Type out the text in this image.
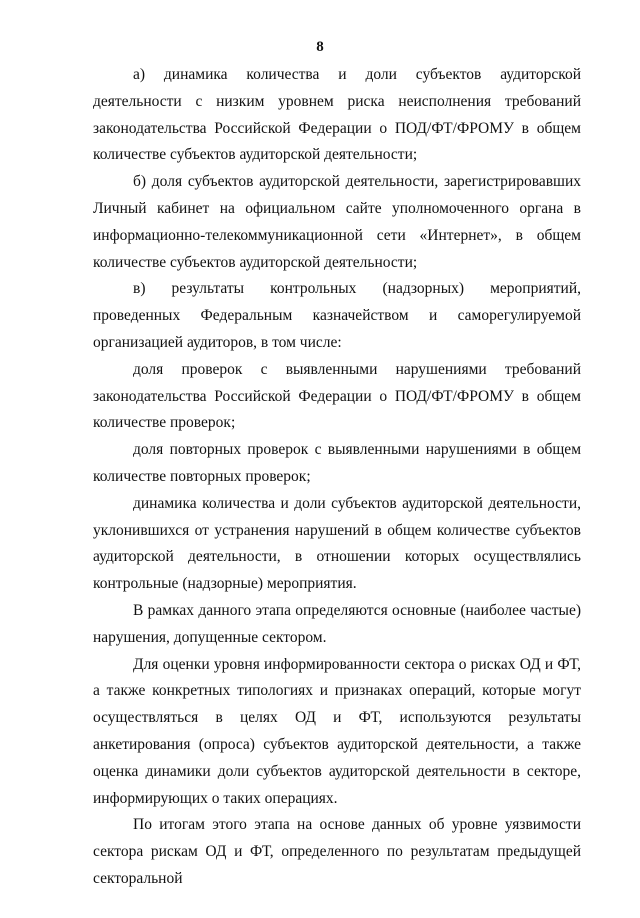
8

а) динамика количества и доли субъектов аудиторской деятельности с низким уровнем риска неисполнения требований законодательства Российской Федерации о ПОД/ФТ/ФРОМУ в общем количестве субъектов аудиторской деятельности;

б) доля субъектов аудиторской деятельности, зарегистрировавших Личный кабинет на официальном сайте уполномоченного органа в информационно-телекоммуникационной сети «Интернет», в общем количестве субъектов аудиторской деятельности;

в) результаты контрольных (надзорных) мероприятий, проведенных Федеральным казначейством и саморегулируемой организацией аудиторов, в том числе:

доля проверок с выявленными нарушениями требований законодательства Российской Федерации о ПОД/ФТ/ФРОМУ в общем количестве проверок;

доля повторных проверок с выявленными нарушениями в общем количестве повторных проверок;

динамика количества и доли субъектов аудиторской деятельности, уклонившихся от устранения нарушений в общем количестве субъектов аудиторской деятельности, в отношении которых осуществлялись контрольные (надзорные) мероприятия.

В рамках данного этапа определяются основные (наиболее частые) нарушения, допущенные сектором.

Для оценки уровня информированности сектора о рисках ОД и ФТ, а также конкретных типологиях и признаках операций, которые могут осуществляться в целях ОД и ФТ, используются результаты анкетирования (опроса) субъектов аудиторской деятельности, а также оценка динамики доли субъектов аудиторской деятельности в секторе, информирующих о таких операциях.

По итогам этого этапа на основе данных об уровне уязвимости сектора рискам ОД и ФТ, определенного по результатам предыдущей секторальной
